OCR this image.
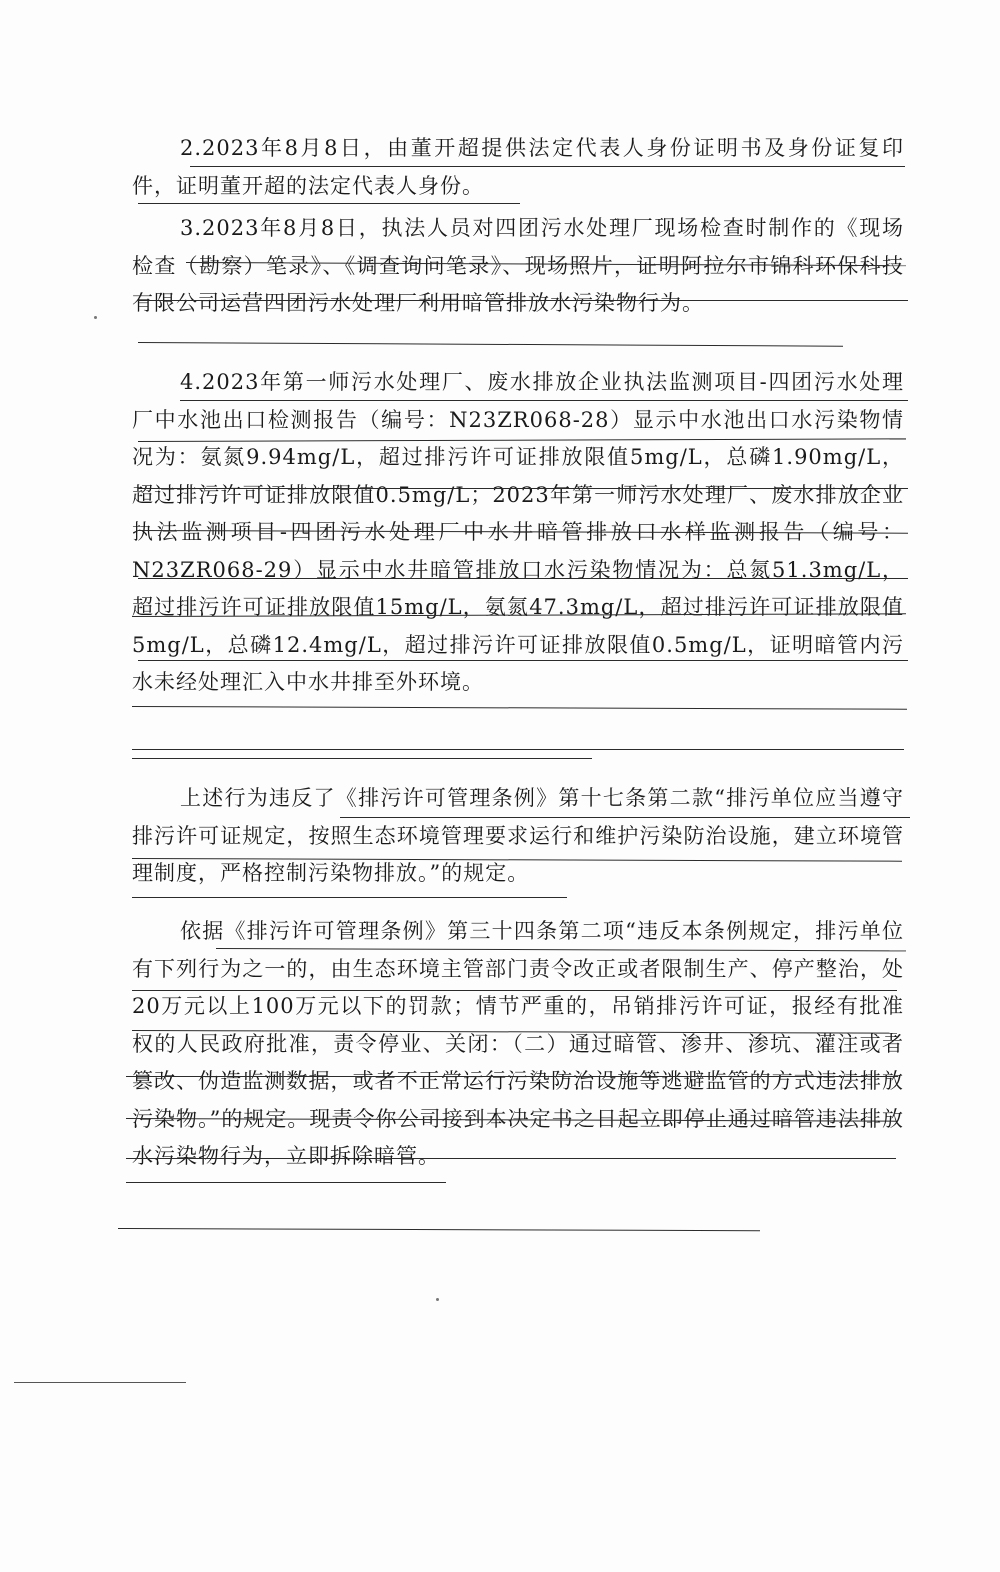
2.2023年8月8日，由董开超提供法定代表人身份证明书及身份证复印件，证明董开超的法定代表人身份。

3.2023年8月8日，执法人员对四团污水处理厂现场检查时制作的《现场检查（勘察）笔录》、《调查询问笔录》、现场照片，证明阿拉尔市锦科环保科技有限公司运营四团污水处理厂利用暗管排放水污染物行为。

4.2023年第一师污水处理厂、废水排放企业执法监测项目-四团污水处理厂中水池出口检测报告（编号：N23ZR068-28）显示中水池出口水污染物情况为：氨氮9.94mg/L，超过排污许可证排放限值5mg/L，总磷1.90mg/L，超过排污许可证排放限值0.5mg/L；2023年第一师污水处理厂、废水排放企业执法监测项目-四团污水处理厂中水井暗管排放口水样监测报告（编号：N23ZR068-29）显示中水井暗管排放口水污染物情况为：总氮51.3mg/L，超过排污许可证排放限值15mg/L，氨氮47.3mg/L，超过排污许可证排放限值5mg/L，总磷12.4mg/L，超过排污许可证排放限值0.5mg/L，证明暗管内污水未经处理汇入中水井排至外环境。

上述行为违反了《排污许可管理条例》第十七条第二款“排污单位应当遵守排污许可证规定，按照生态环境管理要求运行和维护污染防治设施，建立环境管理制度，严格控制污染物排放。”的规定。

依据《排污许可管理条例》第三十四条第二项“违反本条例规定，排污单位有下列行为之一的，由生态环境主管部门责令改正或者限制生产、停产整治，处20万元以上100万元以下的罚款；情节严重的，吊销排污许可证，报经有批准权的人民政府批准，责令停业、关闭：（二）通过暗管、渗井、渗坑、灌注或者篡改、伪造监测数据，或者不正常运行污染防治设施等逃避监管的方式违法排放污染物。”的规定。现责令你公司接到本决定书之日起立即停止通过暗管违法排放水污染物行为，立即拆除暗管。
